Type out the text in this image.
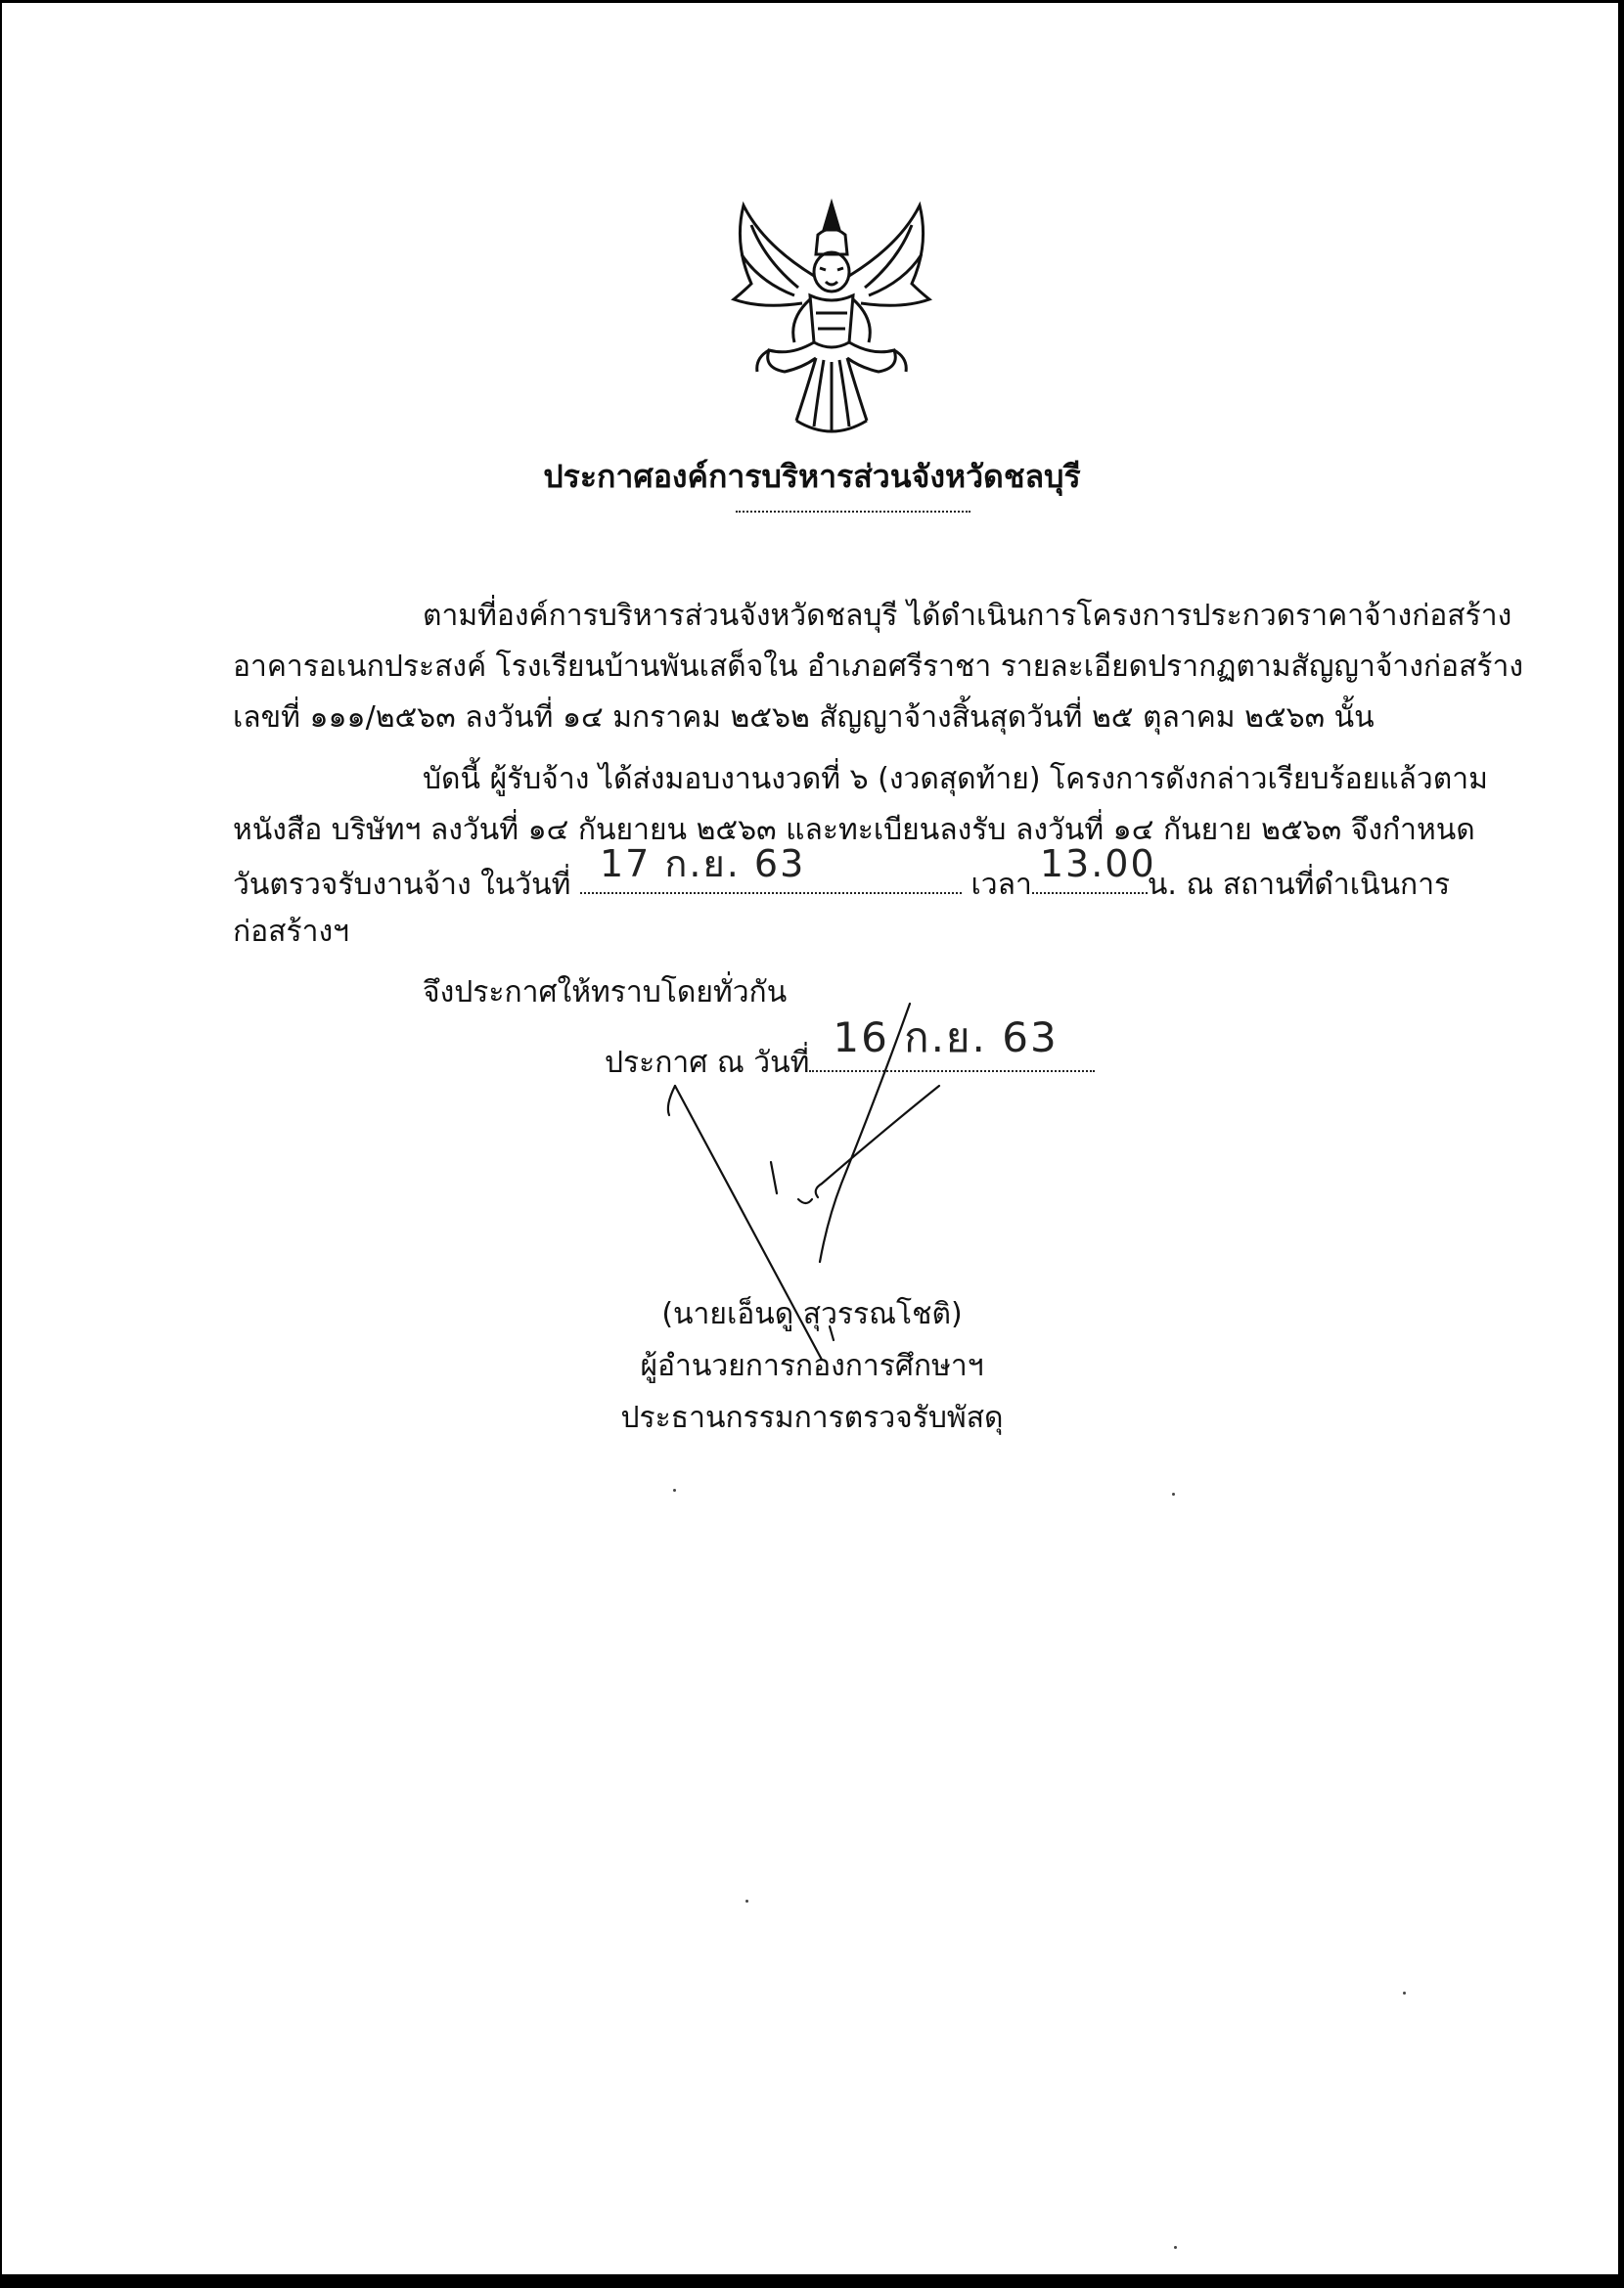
ประกาศองค์การบริหารส่วนจังหวัดชลบุรี
ตามที่องค์การบริหารส่วนจังหวัดชลบุรี ได้ดำเนินการโครงการประกวดราคาจ้างก่อสร้าง
อาคารอเนกประสงค์ โรงเรียนบ้านพันเสด็จใน อำเภอศรีราชา รายละเอียดปรากฏตามสัญญาจ้างก่อสร้าง
เลขที่ ๑๑๑/๒๕๖๓ ลงวันที่ ๑๔ มกราคม ๒๕๖๒ สัญญาจ้างสิ้นสุดวันที่ ๒๕ ตุลาคม ๒๕๖๓ นั้น
บัดนี้ ผู้รับจ้าง ได้ส่งมอบงานงวดที่ ๖ (งวดสุดท้าย) โครงการดังกล่าวเรียบร้อยแล้วตาม
หนังสือ บริษัทฯ ลงวันที่ ๑๔ กันยายน ๒๕๖๓ และทะเบียนลงรับ ลงวันที่ ๑๔ กันยาย ๒๕๖๓ จึงกำหนด
วันตรวจรับงานจ้าง ในวันที่ 17 ก.ย. 63	เวลา 13.00
น. ณ สถานที่ดำเนินการ
ก่อสร้างฯ
จึงประกาศให้ทราบโดยทั่วกัน
ประกาศ ณ วันที่
16 ก.ย. 63
(นายเอ็นดู สุวรรณโชติ)
ผู้อำนวยการกองการศึกษาฯ
ประธานกรรมการตรวจรับพัสดุ
